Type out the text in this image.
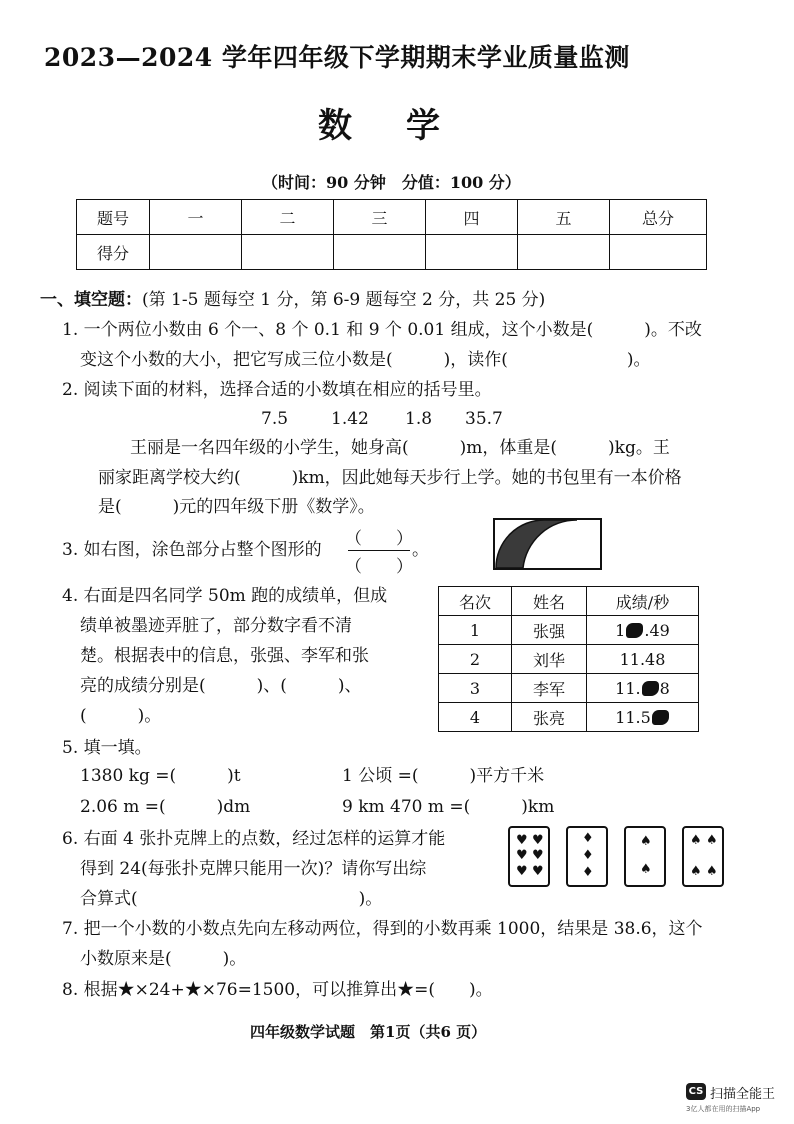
2023—2024 学年四年级下学期期末学业质量监测
数学
（时间：90 分钟　分值：100 分）
题号	一	二	三	四	五	总分
得分						
一、填空题：(第 1-5 题每空 1 分，第 6-9 题每空 2 分，共 25 分)
1. 一个两位小数由 6 个一、8 个 0.1 和 9 个 0.01 组成，这个小数是(　　　)。不改
变这个小数的大小，把它写成三位小数是(　　　)，读作(　　　　　　　)。
2. 阅读下面的材料，选择合适的小数填在相应的括号里。
7.5	1.42 1.8 35.7
王丽是一名四年级的小学生，她身高(　　　)m，体重是(　　　)kg。王
丽家距离学校大约(　　　)km，因此她每天步行上学。她的书包里有一本价格
是(　　　)元的四年级下册《数学》。
3. 如右图，涂色部分占整个图形的
（　　）
（　　）
。
4. 右面是四名同学 50m 跑的成绩单，但成
绩单被墨迹弄脏了，部分数字看不清
楚。根据表中的信息，张强、李军和张
亮的成绩分别是(　　　)、(　　　)、
(　　　)。
名次	姓名	成绩/秒
1	张强	1 .49
2	刘华	11.48
3	李军	11. 8
4	张亮	11.5
5. 填一填。
1380 kg =(　　　)t	1 公顷 =(　　　)平方千米
2.06 m =(　　　)dm	9 km 470 m =(　　　)km
6. 右面 4 张扑克牌上的点数，经过怎样的运算才能
得到 24(每张扑克牌只能用一次)？请你写出综
合算式(　　　　　　　　　　　　　)。
♥ ♥
♥ ♥
♥ ♥
♦
♦
♦
♠
♠
♠ ♠
♠ ♠
7. 把一个小数的小数点先向左移动两位，得到的小数再乘 1000，结果是 38.6，这个
小数原来是(　　　)。
8. 根据★×24+★×76=1500，可以推算出★=(　　)。
四年级数学试题　第1页（共6 页）
CS 扫描全能王
3亿人都在用的扫描App
